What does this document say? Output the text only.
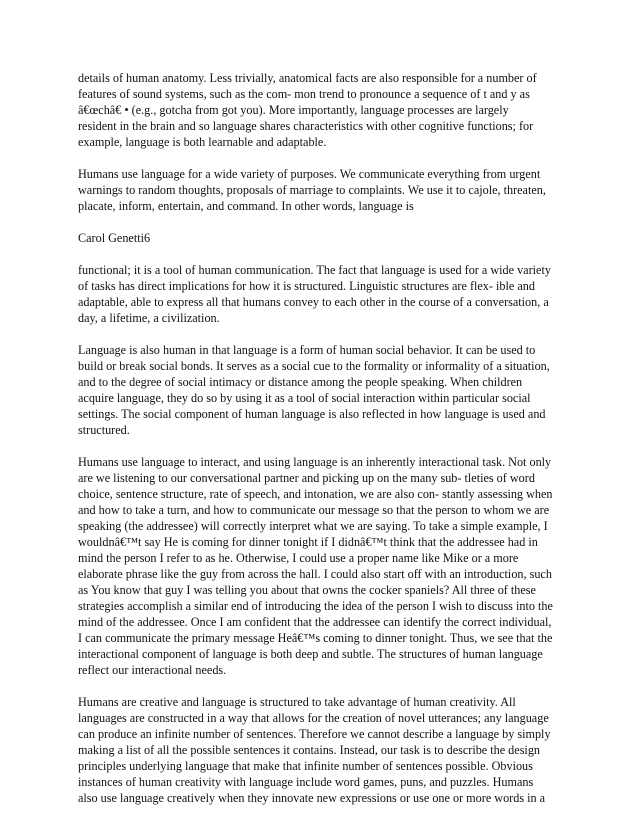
details of human anatomy. Less trivially, anatomical facts are also responsible for a number of
features of sound systems, such as the com- mon trend to pronounce a sequence of t and y as
â€œchâ€ • (e.g., gotcha from got you). More importantly, language processes are largely
resident in the brain and so language shares characteristics with other cognitive functions; for
example, language is both learnable and adaptable.

Humans use language for a wide variety of purposes. We communicate everything from urgent
warnings to random thoughts, proposals of marriage to complaints. We use it to cajole, threaten,
placate, inform, entertain, and command. In other words, language is

Carol Genetti6

functional; it is a tool of human communication. The fact that language is used for a wide variety
of tasks has direct implications for how it is structured. Linguistic structures are flex- ible and
adaptable, able to express all that humans convey to each other in the course of a conversation, a
day, a lifetime, a civilization.

Language is also human in that language is a form of human social behavior. It can be used to
build or break social bonds. It serves as a social cue to the formality or informality of a situation,
and to the degree of social intimacy or distance among the people speaking. When children
acquire language, they do so by using it as a tool of social interaction within particular social
settings. The social component of human language is also reflected in how language is used and
structured.

Humans use language to interact, and using language is an inherently interactional task. Not only
are we listening to our conversational partner and picking up on the many sub- tleties of word
choice, sentence structure, rate of speech, and intonation, we are also con- stantly assessing when
and how to take a turn, and how to communicate our message so that the person to whom we are
speaking (the addressee) will correctly interpret what we are saying. To take a simple example, I
wouldnâ€™t say He is coming for dinner tonight if I didnâ€™t think that the addressee had in
mind the person I refer to as he. Otherwise, I could use a proper name like Mike or a more
elaborate phrase like the guy from across the hall. I could also start off with an introduction, such
as You know that guy I was telling you about that owns the cocker spaniels? All three of these
strategies accomplish a similar end of introducing the idea of the person I wish to discuss into the
mind of the addressee. Once I am confident that the addressee can identify the correct individual,
I can communicate the primary message Heâ€™s coming to dinner tonight. Thus, we see that the
interactional component of language is both deep and subtle. The structures of human language
reflect our interactional needs.

Humans are creative and language is structured to take advantage of human creativity. All
languages are constructed in a way that allows for the creation of novel utterances; any language
can produce an infinite number of sentences. Therefore we cannot describe a language by simply
making a list of all the possible sentences it contains. Instead, our task is to describe the design
principles underlying language that make that infinite number of sentences possible. Obvious
instances of human creativity with language include word games, puns, and puzzles. Humans
also use language creatively when they innovate new expressions or use one or more words in a
